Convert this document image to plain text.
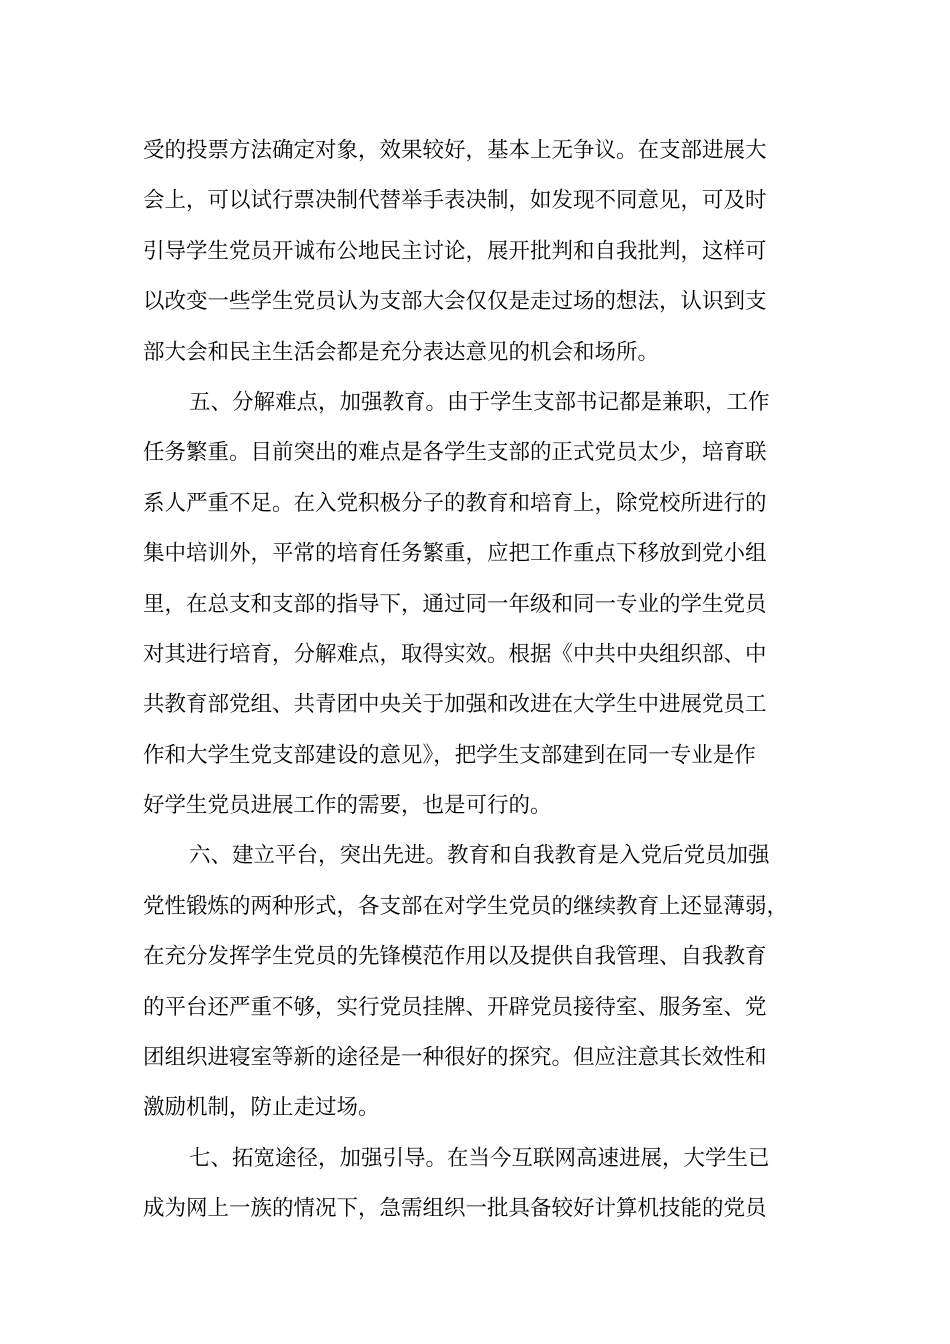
受的投票方法确定对象，效果较好，基本上无争议。在支部进展大
会上，可以试行票决制代替举手表决制，如发现不同意见，可及时
引导学生党员开诚布公地民主讨论，展开批判和自我批判，这样可
以改变一些学生党员认为支部大会仅仅是走过场的想法，认识到支
部大会和民主生活会都是充分表达意见的机会和场所。
五、分解难点，加强教育。由于学生支部书记都是兼职，工作
任务繁重。目前突出的难点是各学生支部的正式党员太少，培育联
系人严重不足。在入党积极分子的教育和培育上，除党校所进行的
集中培训外，平常的培育任务繁重，应把工作重点下移放到党小组
里，在总支和支部的指导下，通过同一年级和同一专业的学生党员
对其进行培育，分解难点，取得实效。根据《中共中央组织部、中
共教育部党组、共青团中央关于加强和改进在大学生中进展党员工
作和大学生党支部建设的意见》，把学生支部建到在同一专业是作
好学生党员进展工作的需要，也是可行的。
六、建立平台，突出先进。教育和自我教育是入党后党员加强
党性锻炼的两种形式，各支部在对学生党员的继续教育上还显薄弱，
在充分发挥学生党员的先锋模范作用以及提供自我管理、自我教育
的平台还严重不够，实行党员挂牌、开辟党员接待室、服务室、党
团组织进寝室等新的途径是一种很好的探究。但应注意其长效性和
激励机制，防止走过场。
七、拓宽途径，加强引导。在当今互联网高速进展，大学生已
成为网上一族的情况下，急需组织一批具备较好计算机技能的党员
